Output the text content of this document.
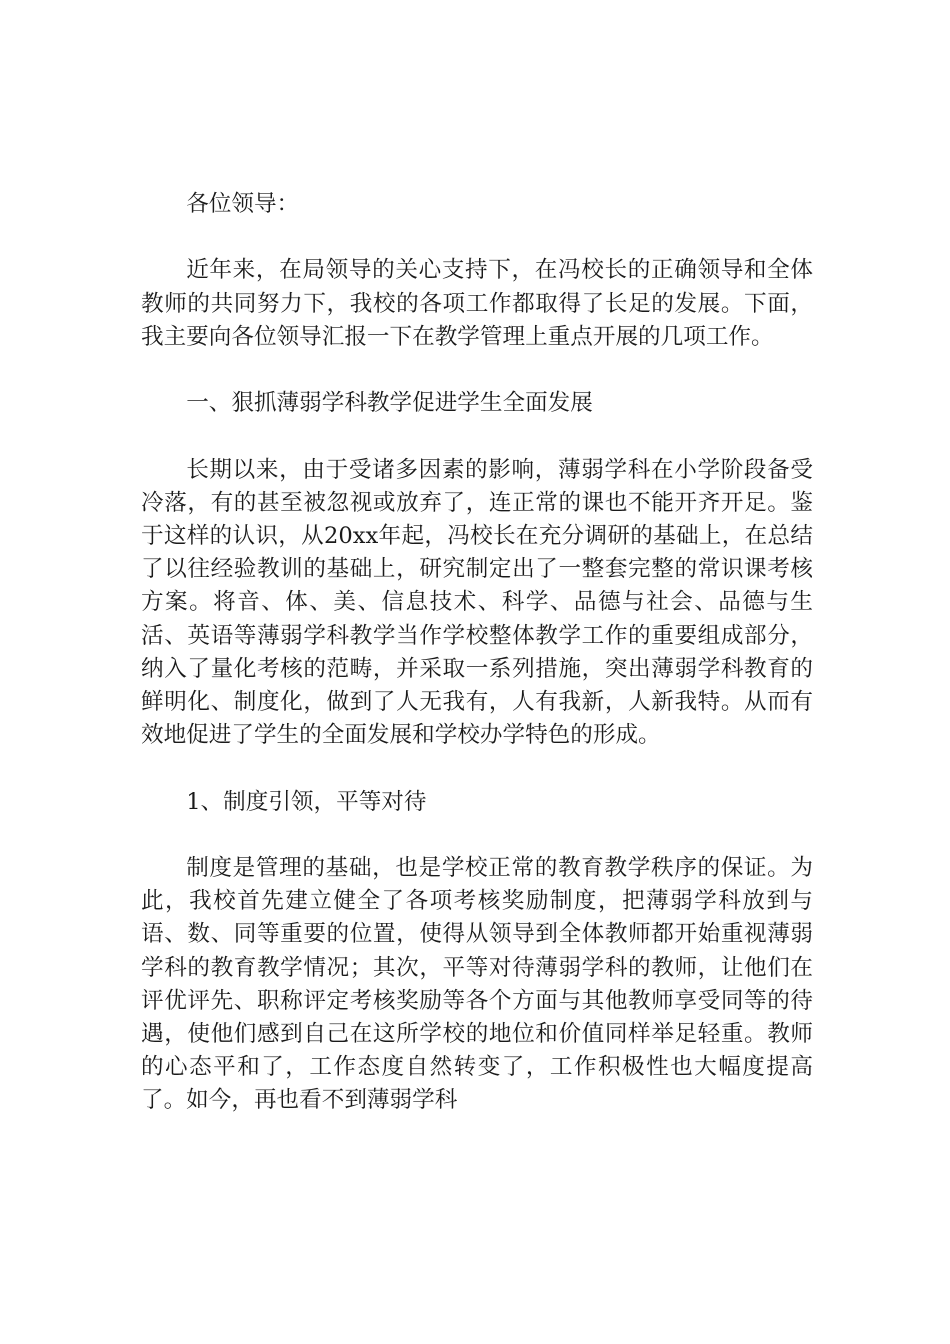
各位领导：

近年来，在局领导的关心支持下，在冯校长的正确领导和全体教师的共同努力下，我校的各项工作都取得了长足的发展。下面，我主要向各位领导汇报一下在教学管理上重点开展的几项工作。

一、狠抓薄弱学科教学促进学生全面发展

长期以来，由于受诸多因素的影响，薄弱学科在小学阶段备受冷落，有的甚至被忽视或放弃了，连正常的课也不能开齐开足。鉴于这样的认识，从20xx年起，冯校长在充分调研的基础上，在总结了以往经验教训的基础上，研究制定出了一整套完整的常识课考核方案。将音、体、美、信息技术、科学、品德与社会、品德与生活、英语等薄弱学科教学当作学校整体教学工作的重要组成部分，纳入了量化考核的范畴，并采取一系列措施，突出薄弱学科教育的鲜明化、制度化，做到了人无我有，人有我新，人新我特。从而有效地促进了学生的全面发展和学校办学特色的形成。

1、制度引领，平等对待

制度是管理的基础，也是学校正常的教育教学秩序的保证。为此，我校首先建立健全了各项考核奖励制度，把薄弱学科放到与语、数、同等重要的位置，使得从领导到全体教师都开始重视薄弱学科的教育教学情况；其次，平等对待薄弱学科的教师，让他们在评优评先、职称评定考核奖励等各个方面与其他教师享受同等的待遇，使他们感到自己在这所学校的地位和价值同样举足轻重。教师的心态平和了，工作态度自然转变了，工作积极性也大幅度提高了。如今，再也看不到薄弱学科
